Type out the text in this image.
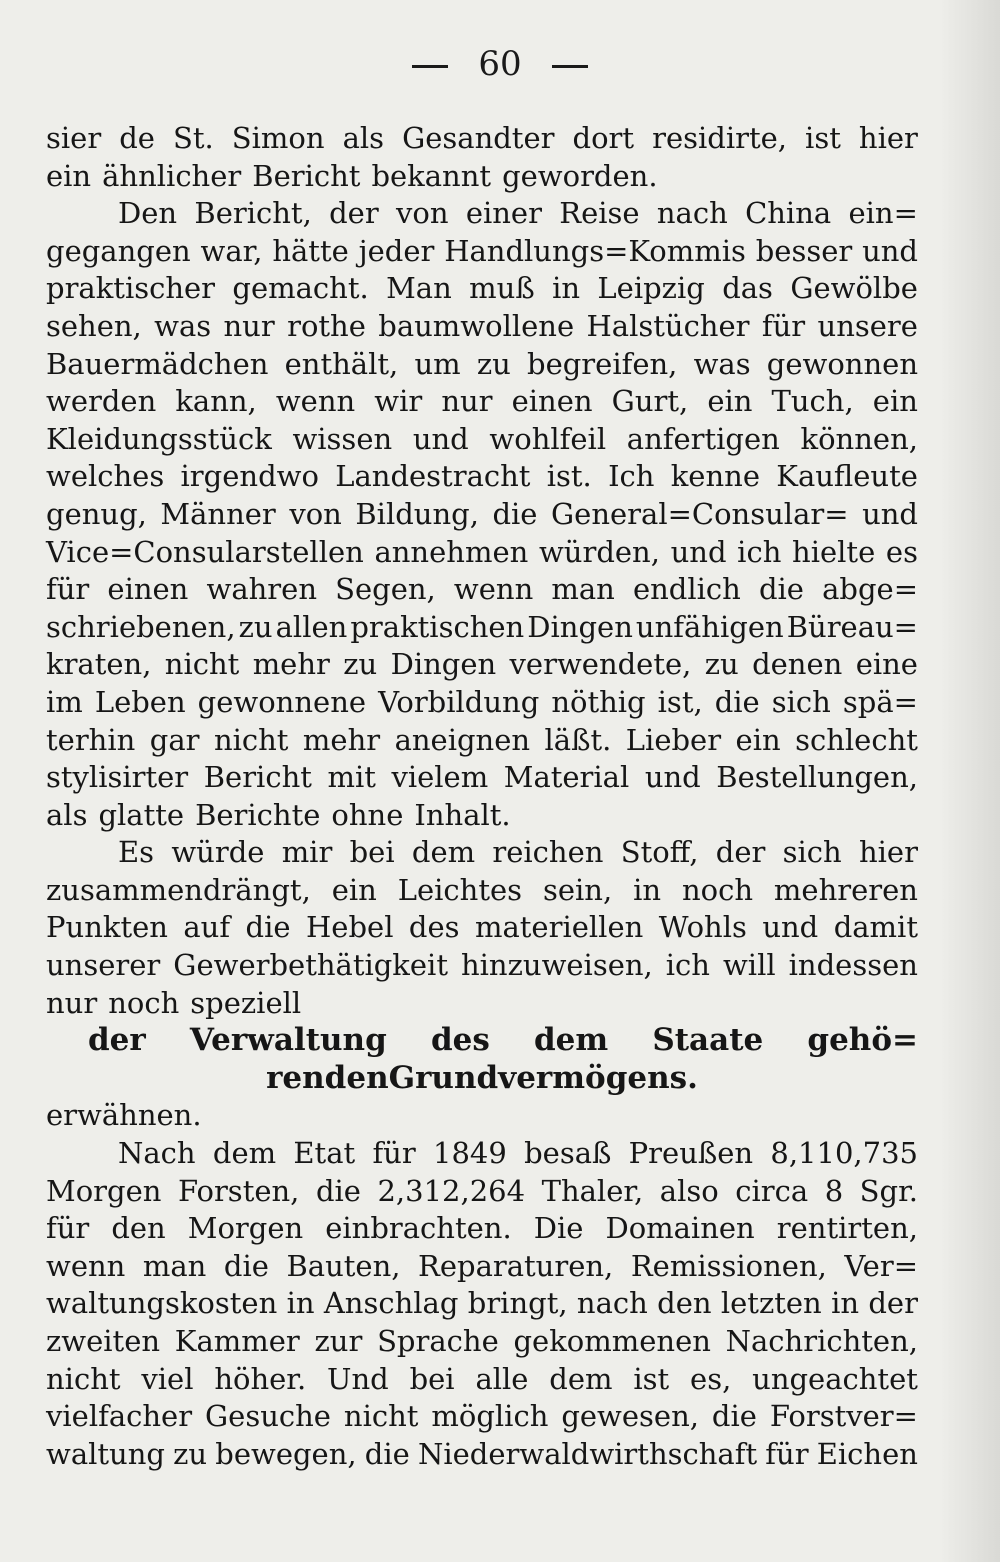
60
sier de St. Simon als Gesandter dort residirte, ist hier
ein ähnlicher Bericht bekannt geworden.
Den Bericht, der von einer Reise nach China ein=
gegangen war, hätte jeder Handlungs=Kommis besser und
praktischer gemacht. Man muß in Leipzig das Gewölbe
sehen, was nur rothe baumwollene Halstücher für unsere
Bauermädchen enthält, um zu begreifen, was gewonnen
werden kann, wenn wir nur einen Gurt, ein Tuch, ein
Kleidungsstück wissen und wohlfeil anfertigen können,
welches irgendwo Landestracht ist. Ich kenne Kaufleute
genug, Männer von Bildung, die General=Consular= und
Vice=Consularstellen annehmen würden, und ich hielte es
für einen wahren Segen, wenn man endlich die abge=
schriebenen, zu allen praktischen Dingen unfähigen Büreau=
kraten, nicht mehr zu Dingen verwendete, zu denen eine
im Leben gewonnene Vorbildung nöthig ist, die sich spä=
terhin gar nicht mehr aneignen läßt. Lieber ein schlecht
stylisirter Bericht mit vielem Material und Bestellungen,
als glatte Berichte ohne Inhalt.
Es würde mir bei dem reichen Stoff, der sich hier
zusammendrängt, ein Leichtes sein, in noch mehreren
Punkten auf die Hebel des materiellen Wohls und damit
unserer Gewerbethätigkeit hinzuweisen, ich will indessen
nur noch speziell
der Verwaltung des dem Staate gehö=
renden Grundvermögens.
erwähnen.
Nach dem Etat für 1849 besaß Preußen 8,110,735
Morgen Forsten, die 2,312,264 Thaler, also circa 8 Sgr.
für den Morgen einbrachten. Die Domainen rentirten,
wenn man die Bauten, Reparaturen, Remissionen, Ver=
waltungskosten in Anschlag bringt, nach den letzten in der
zweiten Kammer zur Sprache gekommenen Nachrichten,
nicht viel höher. Und bei alle dem ist es, ungeachtet
vielfacher Gesuche nicht möglich gewesen, die Forstver=
waltung zu bewegen, die Niederwaldwirthschaft für Eichen
